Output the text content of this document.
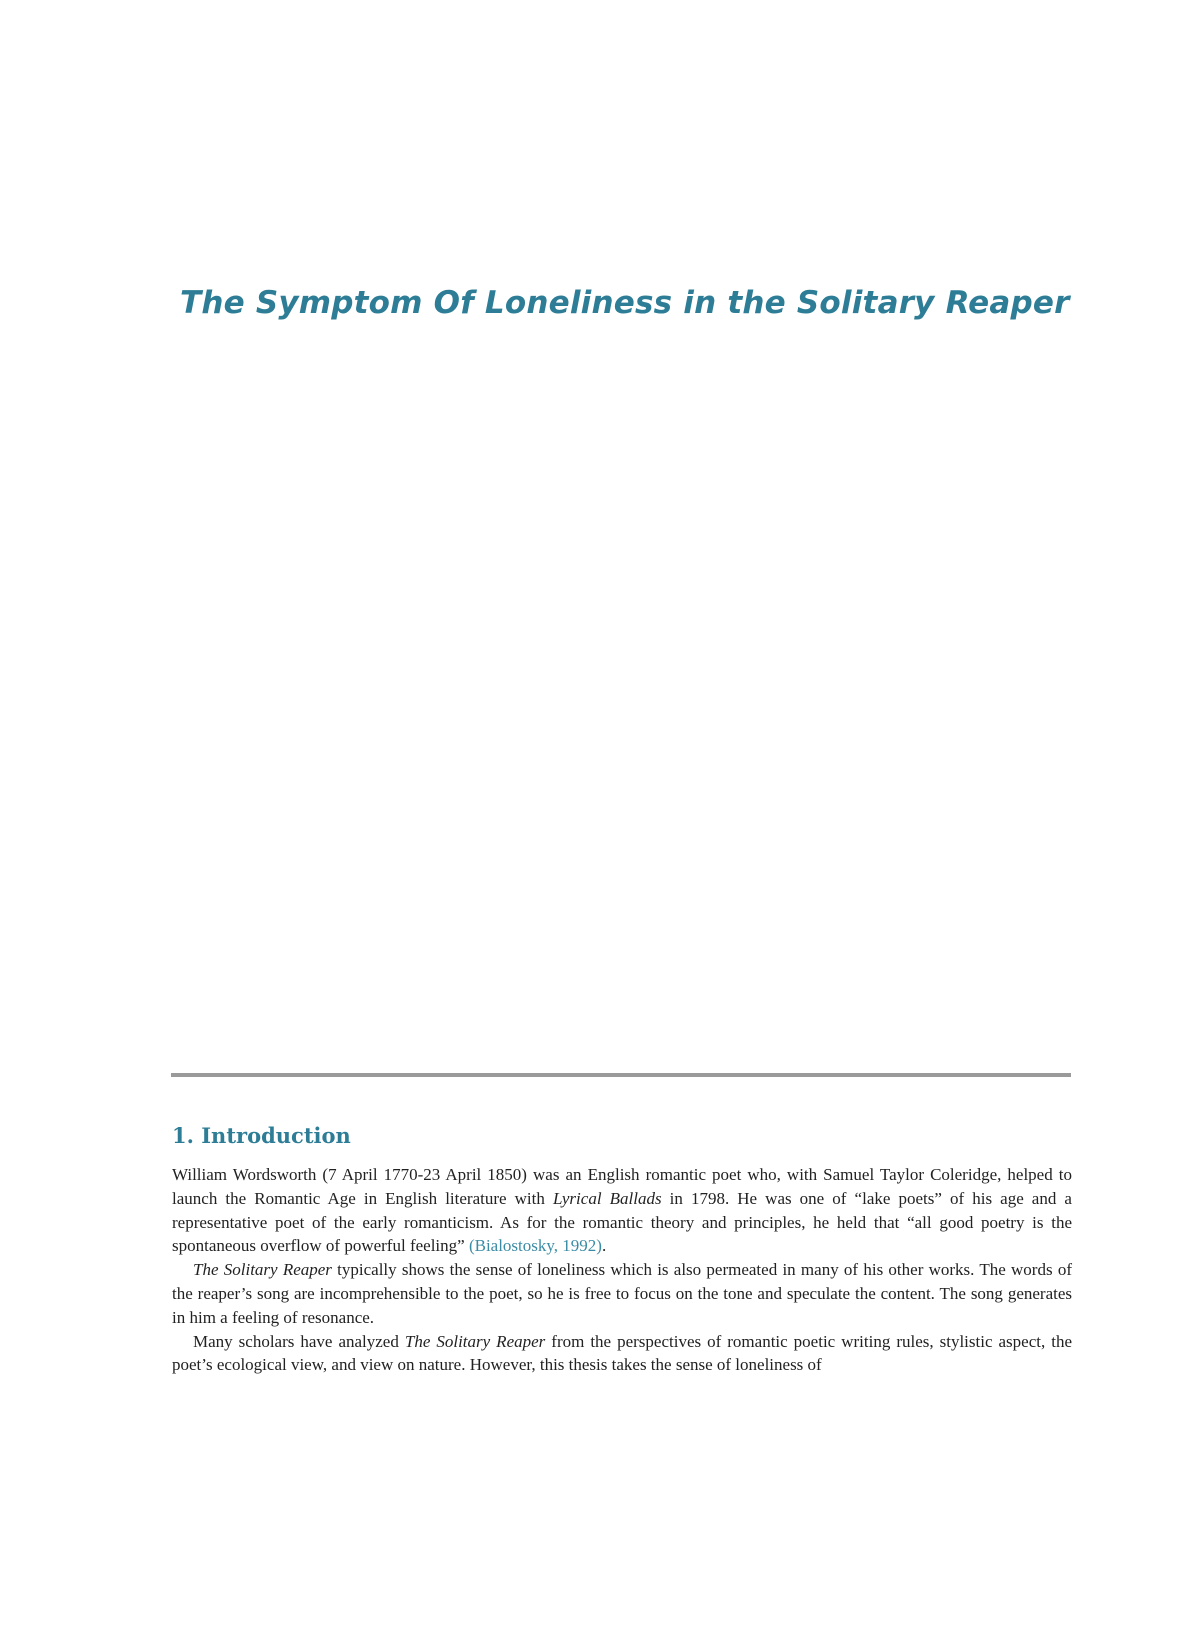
The Symptom Of Loneliness in the Solitary Reaper
1. Introduction

William Wordsworth (7 April 1770-23 April 1850) was an English romantic poet who, with Samuel Taylor Coleridge, helped to launch the Romantic Age in English literature with Lyrical Ballads in 1798. He was one of “lake poets” of his age and a representative poet of the early romanticism. As for the romantic theory and principles, he held that “all good poetry is the spontaneous overflow of powerful feeling” (Bialostosky, 1992).

The Solitary Reaper typically shows the sense of loneliness which is also permeated in many of his other works. The words of the reaper’s song are incomprehensible to the poet, so he is free to focus on the tone and speculate the content. The song generates in him a feeling of resonance.

Many scholars have analyzed The Solitary Reaper from the perspectives of romantic poetic writing rules, stylistic aspect, the poet’s ecological view, and view on nature. However, this thesis takes the sense of loneliness of
